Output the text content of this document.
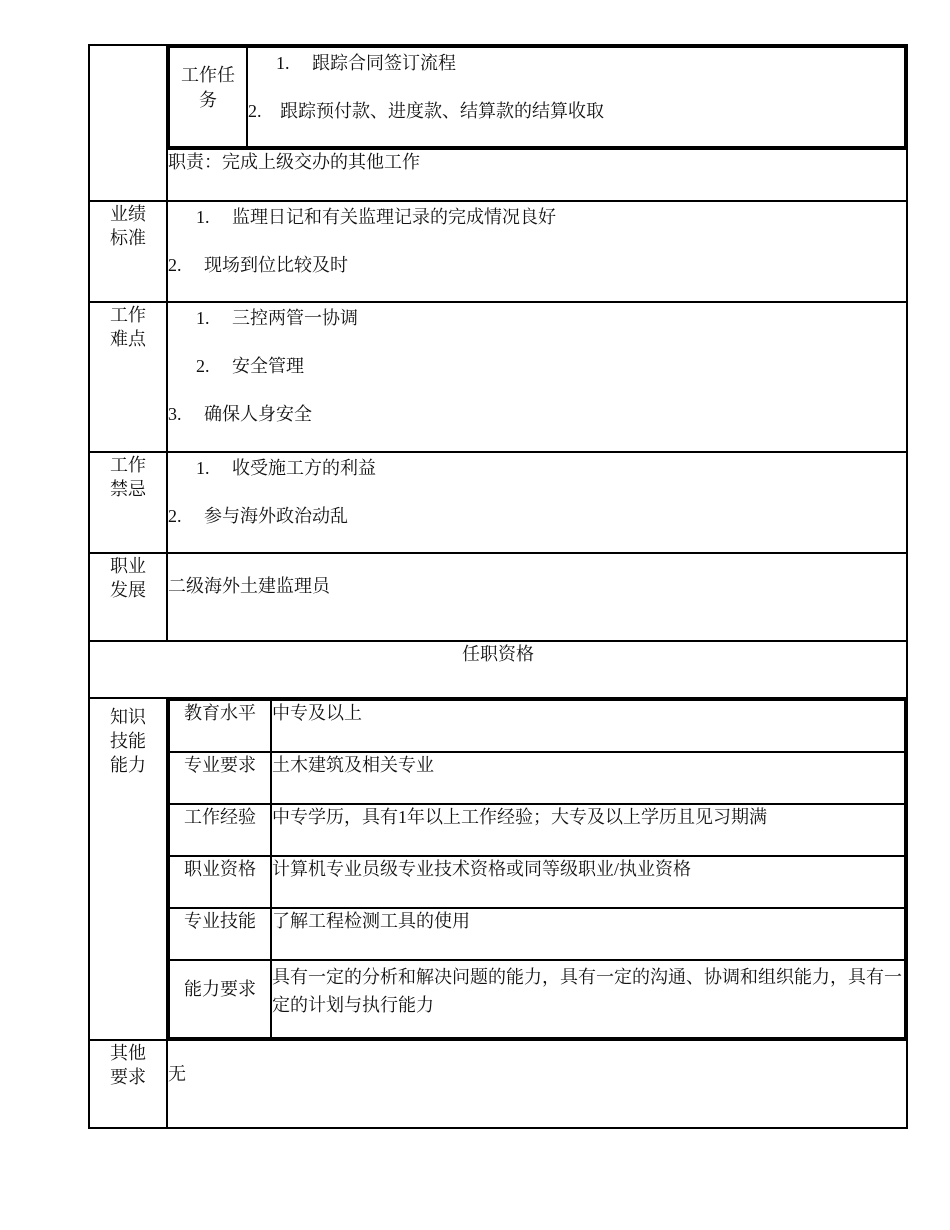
工作任务

1. 跟踪合同签订流程
2. 跟踪预付款、进度款、结算款的结算收取

职责：完成上级交办的其他工作

业绩标准

1. 监理日记和有关监理记录的完成情况良好
2. 现场到位比较及时

工作难点

1. 三控两管一协调
2. 安全管理
3. 确保人身安全

工作禁忌

1. 收受施工方的利益
2. 参与海外政治动乱

职业发展	二级海外土建监理员
任职资格

知识技能能力

教育水平	中专及以上
专业要求	土木建筑及相关专业
工作经验	中专学历，具有1年以上工作经验；大专及以上学历且见习期满
职业资格	计算机专业员级专业技术资格或同等级职业/执业资格
专业技能	了解工程检测工具的使用
能力要求	具有一定的分析和解决问题的能力，具有一定的沟通、协调和组织能力，具有一定的计划与执行能力

其他要求	无
